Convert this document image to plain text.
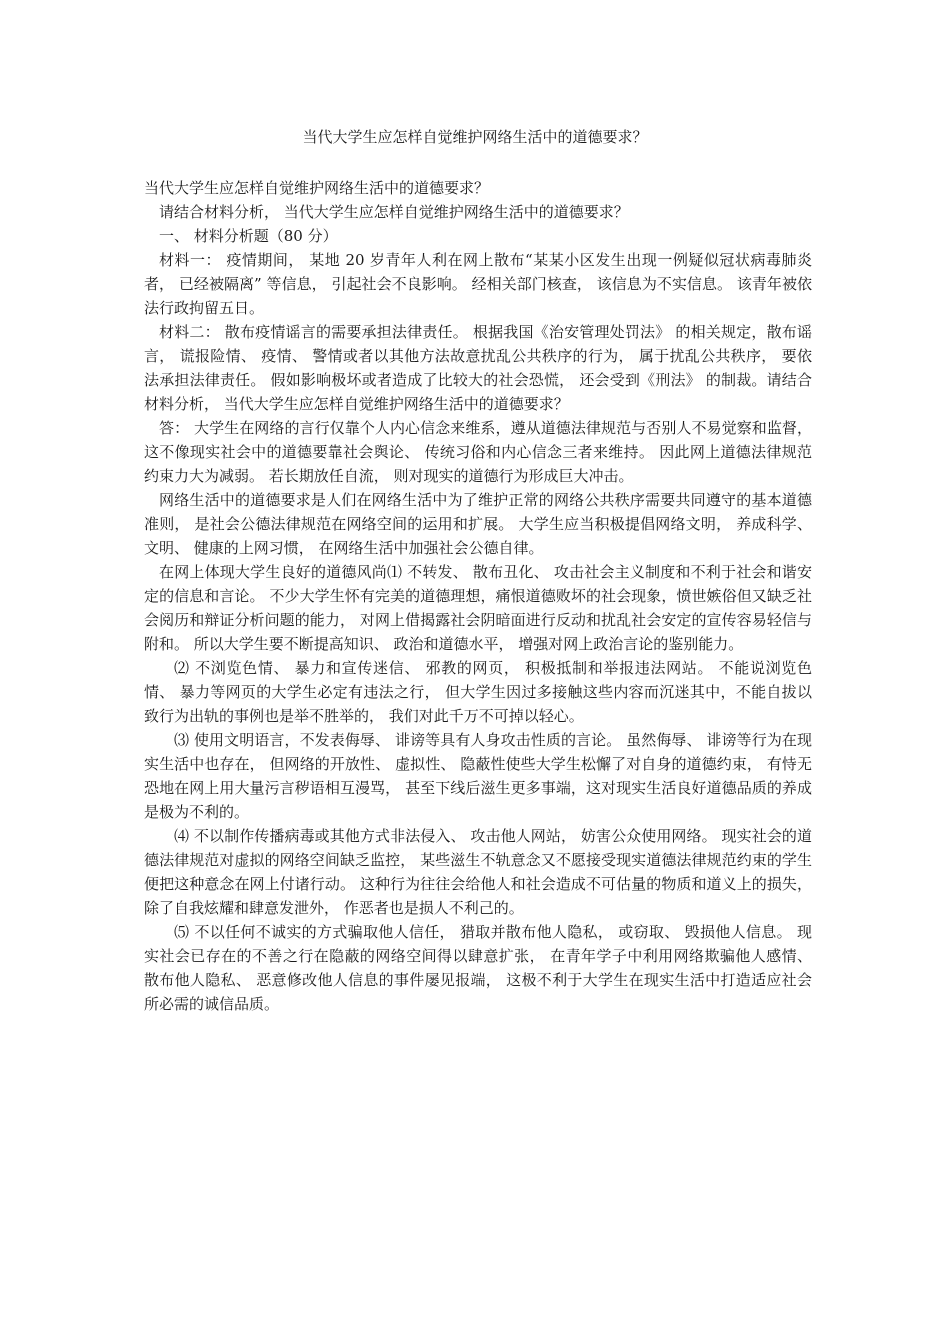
当代大学生应怎样自觉维护网络生活中的道德要求？

当代大学生应怎样自觉维护网络生活中的道德要求？

请结合材料分析， 当代大学生应怎样自觉维护网络生活中的道德要求？

一、 材料分析题（80 分）

材料一： 疫情期间， 某地 20 岁青年人利在网上散布“某某小区发生出现一例疑似冠状病毒肺炎者， 已经被隔离” 等信息， 引起社会不良影响。 经相关部门核查， 该信息为不实信息。 该青年被依法行政拘留五日。

材料二： 散布疫情谣言的需要承担法律责任。 根据我国《治安管理处罚法》 的相关规定，散布谣言， 谎报险情、 疫情、 警情或者以其他方法故意扰乱公共秩序的行为， 属于扰乱公共秩序， 要依法承担法律责任。 假如影响极坏或者造成了比较大的社会恐慌， 还会受到《刑法》 的制裁。请结合材料分析， 当代大学生应怎样自觉维护网络生活中的道德要求？

答： 大学生在网络的言行仅靠个人内心信念来维系，遵从道德法律规范与否别人不易觉察和监督，这不像现实社会中的道德要靠社会舆论、 传统习俗和内心信念三者来维持。 因此网上道德法律规范约束力大为减弱。 若长期放任自流， 则对现实的道德行为形成巨大冲击。

网络生活中的道德要求是人们在网络生活中为了维护正常的网络公共秩序需要共同遵守的基本道德准则， 是社会公德法律规范在网络空间的运用和扩展。 大学生应当积极提倡网络文明， 养成科学、 文明、 健康的上网习惯， 在网络生活中加强社会公德自律。

在网上体现大学生良好的道德风尚⑴ 不转发、 散布丑化、 攻击社会主义制度和不利于社会和谐安定的信息和言论。 不少大学生怀有完美的道德理想，痛恨道德败坏的社会现象，愤世嫉俗但又缺乏社会阅历和辩证分析问题的能力， 对网上借揭露社会阴暗面进行反动和扰乱社会安定的宣传容易轻信与附和。 所以大学生要不断提高知识、 政治和道德水平， 增强对网上政治言论的鉴别能力。

⑵ 不浏览色情、 暴力和宣传迷信、 邪教的网页， 积极抵制和举报违法网站。 不能说浏览色情、 暴力等网页的大学生必定有违法之行， 但大学生因过多接触这些内容而沉迷其中，不能自拔以致行为出轨的事例也是举不胜举的， 我们对此千万不可掉以轻心。

⑶ 使用文明语言，不发表侮辱、 诽谤等具有人身攻击性质的言论。 虽然侮辱、 诽谤等行为在现实生活中也存在， 但网络的开放性、 虚拟性、 隐蔽性使些大学生松懈了对自身的道德约束， 有恃无恐地在网上用大量污言秽语相互漫骂， 甚至下线后滋生更多事端，这对现实生活良好道德品质的养成是极为不利的。

⑷ 不以制作传播病毒或其他方式非法侵入、 攻击他人网站， 妨害公众使用网络。 现实社会的道德法律规范对虚拟的网络空间缺乏监控， 某些滋生不轨意念又不愿接受现实道德法律规范约束的学生便把这种意念在网上付诸行动。 这种行为往往会给他人和社会造成不可估量的物质和道义上的损失， 除了自我炫耀和肆意发泄外， 作恶者也是损人不利己的。

⑸ 不以任何不诚实的方式骗取他人信任， 猎取并散布他人隐私， 或窃取、 毁损他人信息。 现实社会已存在的不善之行在隐蔽的网络空间得以肆意扩张， 在青年学子中利用网络欺骗他人感情、 散布他人隐私、 恶意修改他人信息的事件屡见报端， 这极不利于大学生在现实生活中打造适应社会所必需的诚信品质。
